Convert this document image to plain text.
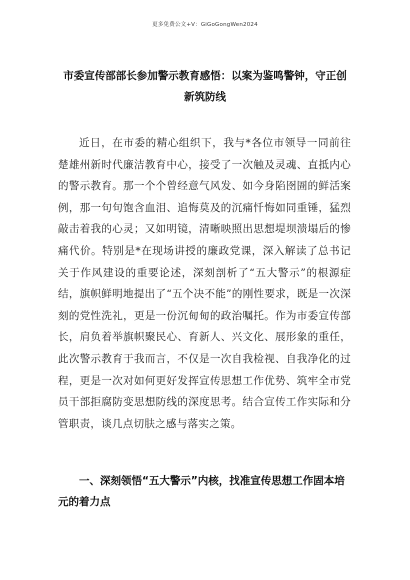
更多免费公文+V：GiGoGongWen2024
市委宣传部部长参加警示教育感悟：以案为鉴鸣警钟，守正创新筑防线

近日，在市委的精心组织下，我与*各位市领导一同前往楚雄州新时代廉洁教育中心，接受了一次触及灵魂、直抵内心的警示教育。那一个个曾经意气风发、如今身陷囹圄的鲜活案例，那一句句饱含血泪、追悔莫及的沉痛忏悔如同重锤，猛烈敲击着我的心灵；又如明镜，清晰映照出思想堤坝溃塌后的惨痛代价。特别是*在现场讲授的廉政党课，深入解读了总书记关于作风建设的重要论述，深刻剖析了“五大警示”的根源症结，旗帜鲜明地提出了“五个决不能”的刚性要求，既是一次深刻的党性洗礼，更是一份沉甸甸的政治嘱托。作为市委宣传部长，肩负着举旗帜聚民心、育新人、兴文化、展形象的重任，此次警示教育于我而言，不仅是一次自我检视、自我净化的过程，更是一次对如何更好发挥宣传思想工作优势、筑牢全市党员干部拒腐防变思想防线的深度思考。结合宣传工作实际和分管职责，谈几点切肤之感与落实之策。

一、深刻领悟“五大警示”内核，找准宣传思想工作固本培元的着力点
